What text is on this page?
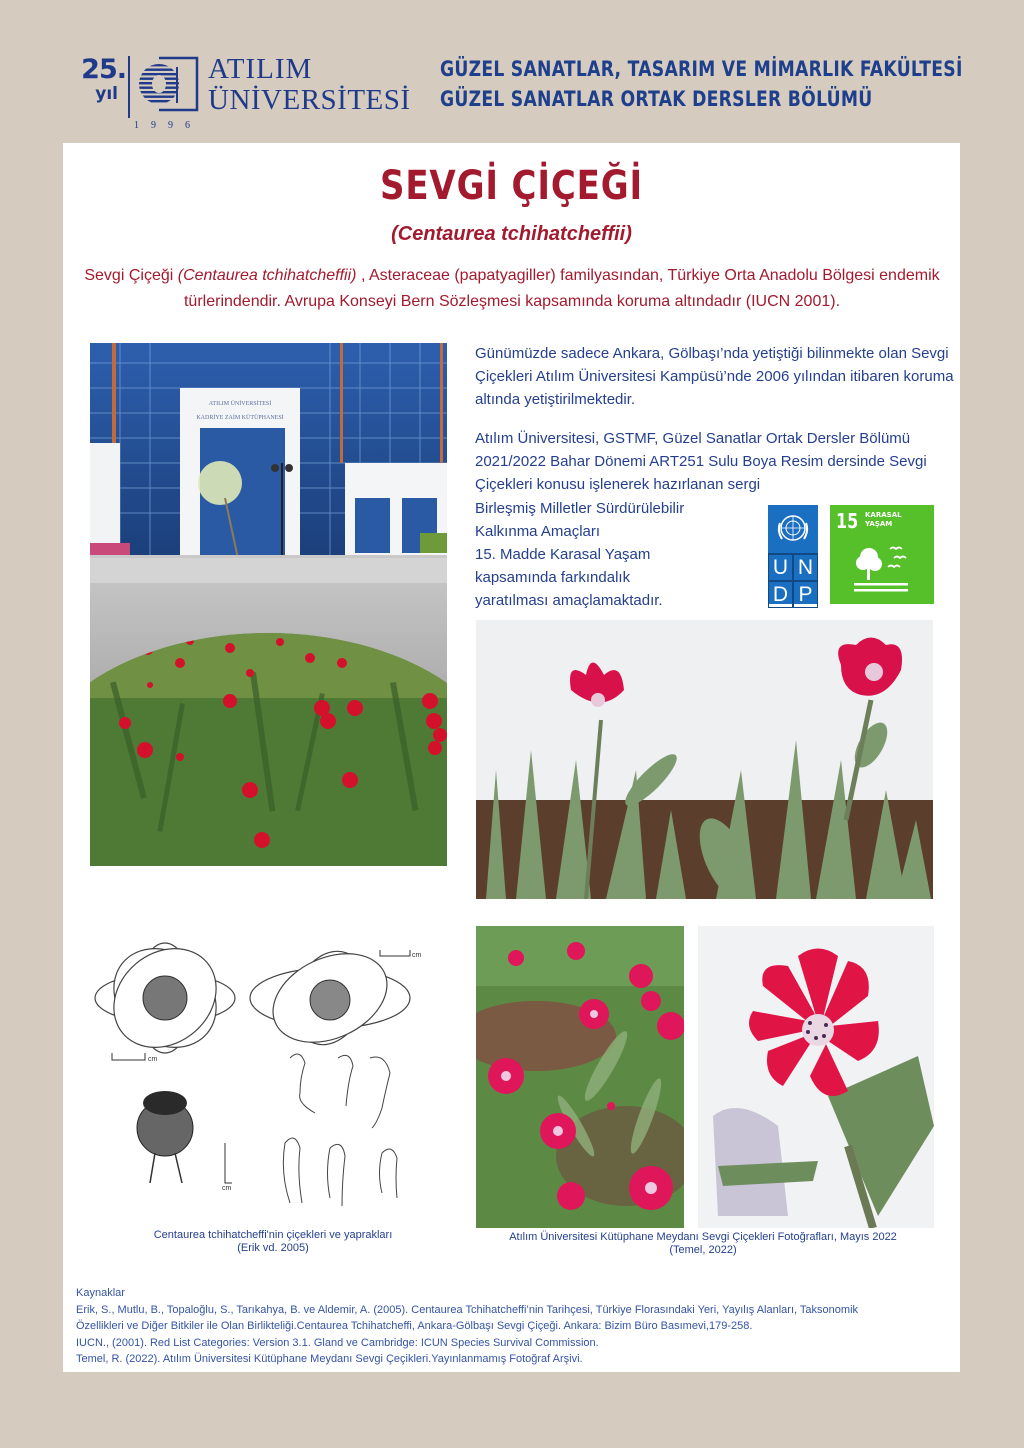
25.
yıl
1996
ATILIM
ÜNİVERSİTESİ
GÜZEL SANATLAR, TASARIM VE MİMARLIK FAKÜLTESİ
GÜZEL SANATLAR ORTAK DERSLER BÖLÜMÜ
SEVGİ ÇİÇEĞİ
(Centaurea tchihatcheffii)
Sevgi Çiçeği (Centaurea tchihatcheffii) , Asteraceae (papatyagiller) familyasından, Türkiye Orta Anadolu Bölgesi endemik türlerindendir. Avrupa Konseyi Bern Sözleşmesi kapsamında koruma altındadır (IUCN 2001).
ATILIM ÜNİVERSİTESİ
KADRİYE ZAİM KÜTÜPHANESİ
Günümüzde sadece Ankara, Gölbaşı’nda yetiştiği bilinmekte olan Sevgi Çiçekleri Atılım Üniversitesi Kampüsü’nde 2006 yılından itibaren koruma altında yetiştirilmektedir.
Atılım Üniversitesi, GSTMF, Güzel Sanatlar Ortak Dersler Bölümü 2021/2022 Bahar Dönemi ART251 Sulu Boya Resim dersinde Sevgi Çiçekleri konusu işlenerek hazırlanan sergi
Birleşmiş Milletler Sürdürülebilir
Kalkınma Amaçları
15. Madde Karasal Yaşam
kapsamında farkındalık
yaratılması amaçlamaktadır.
U N
D P
15 KARASAL
YAŞAM
cm
cm
cm
Centaurea tchihatcheffi'nin çiçekleri ve yaprakları
(Erik vd. 2005)
Atılım Üniversitesi Kütüphane Meydanı Sevgi Çiçekleri Fotoğrafları, Mayıs 2022
(Temel, 2022)
Kaynaklar
Erik, S., Mutlu, B., Topaloğlu, S., Tarıkahya, B. ve Aldemir, A. (2005). Centaurea Tchihatcheffi’nin Tarihçesi, Türkiye Florasındaki Yeri, Yayılış Alanları, Taksonomik
Özellikleri ve Diğer Bitkiler ile Olan Birlikteliği.Centaurea Tchihatcheffi, Ankara-Gölbaşı Sevgi Çiçeği. Ankara: Bizim Büro Basımevi,179-258.
IUCN., (2001). Red List Categories: Version 3.1. Gland ve Cambridge: ICUN Species Survival Commission.
Temel, R. (2022). Atılım Üniversitesi Kütüphane Meydanı Sevgi Çeçikleri.Yayınlanmamış Fotoğraf Arşivi.
